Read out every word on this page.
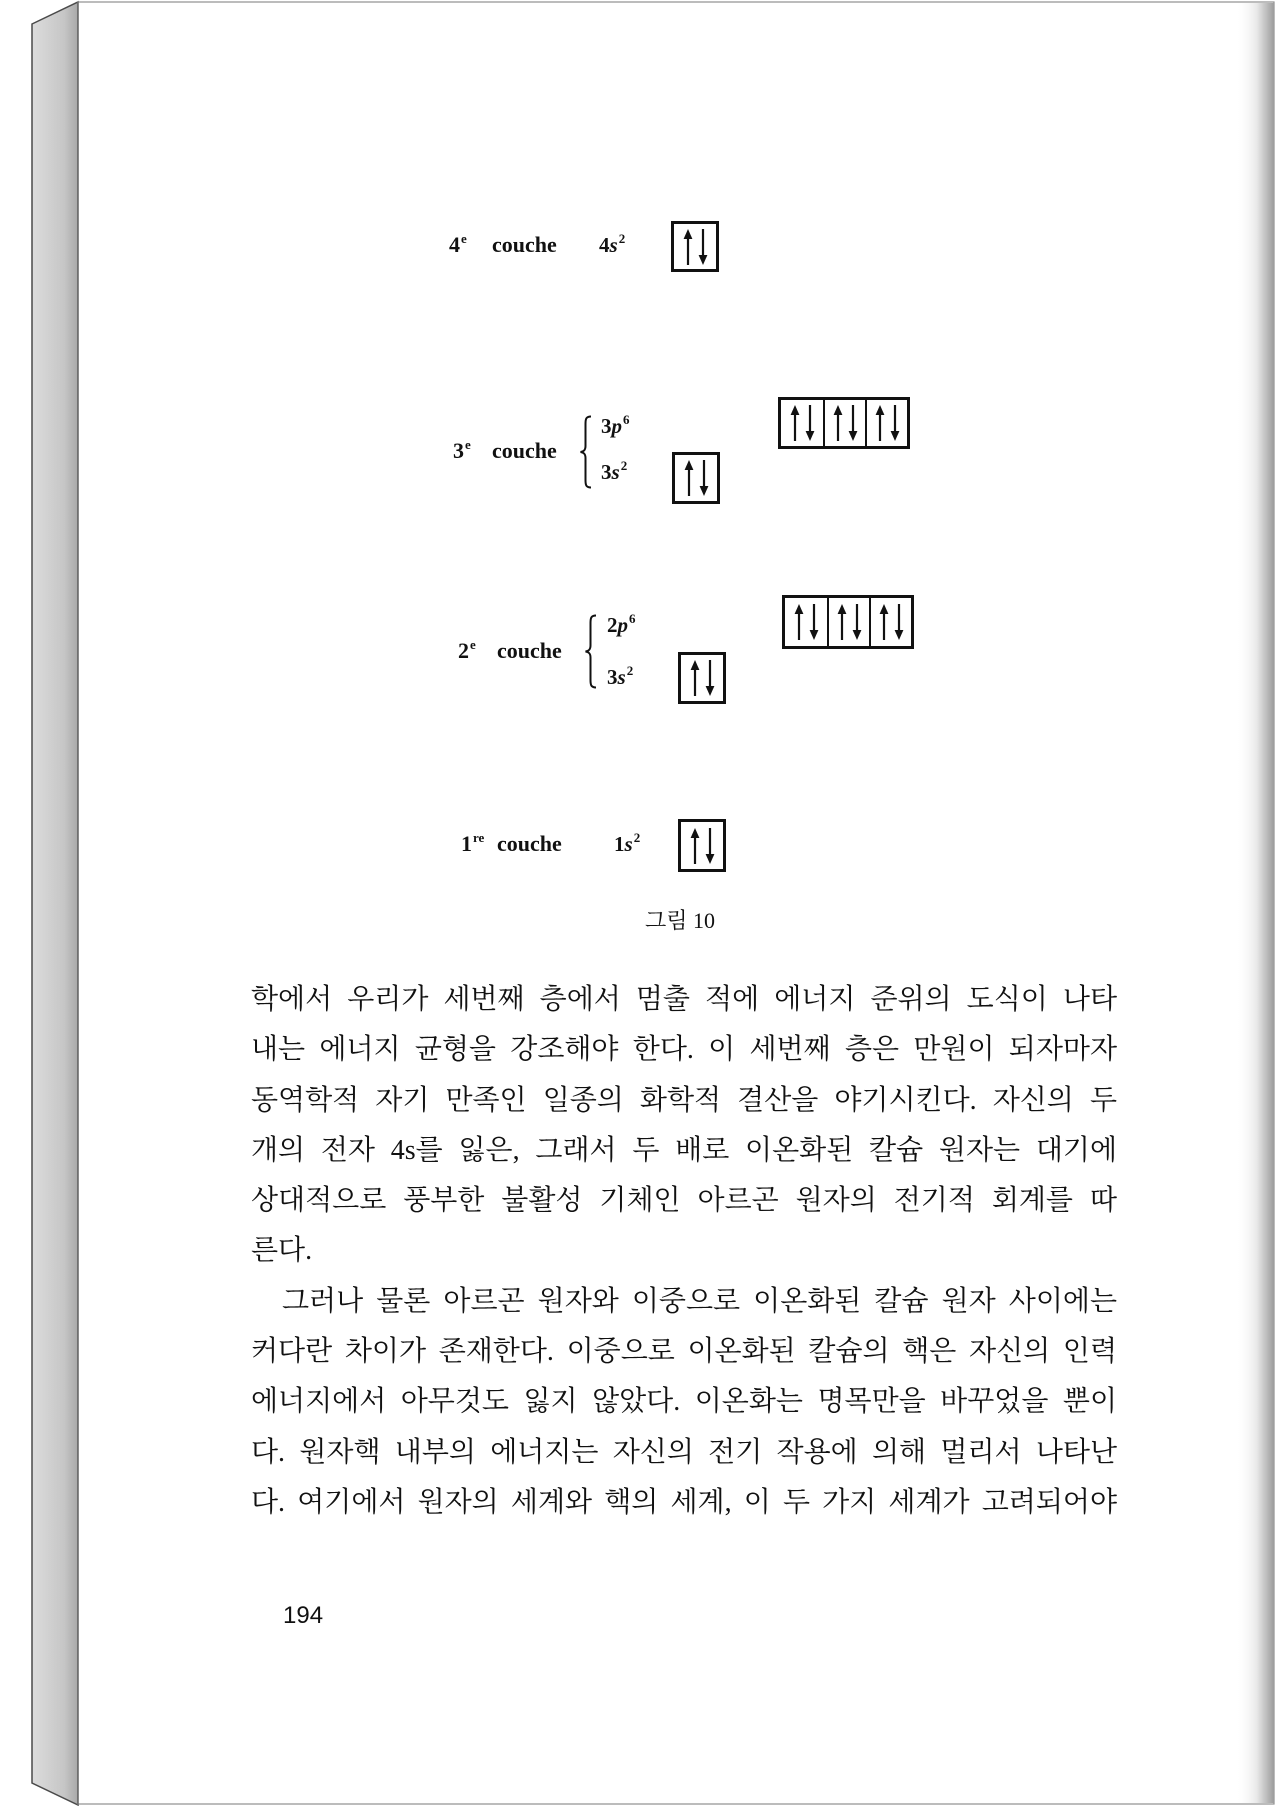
4e couche $4s^2$
3e couche
$3p^6$
$3s^2$
2e couche
$2p^6$
$3s^2$
1re couche $1s^2$
그림 10
학에서 우리가 세번째 층에서 멈출 적에 에너지 준위의 도식이 나타
내는 에너지 균형을 강조해야 한다. 이 세번째 층은 만원이 되자마자
동역학적 자기 만족인 일종의 화학적 결산을 야기시킨다. 자신의 두
개의 전자 4s를 잃은, 그래서 두 배로 이온화된 칼슘 원자는 대기에
상대적으로 풍부한 불활성 기체인 아르곤 원자의 전기적 회계를 따
른다.
그러나 물론 아르곤 원자와 이중으로 이온화된 칼슘 원자 사이에는
커다란 차이가 존재한다. 이중으로 이온화된 칼슘의 핵은 자신의 인력
에너지에서 아무것도 잃지 않았다. 이온화는 명목만을 바꾸었을 뿐이
다. 원자핵 내부의 에너지는 자신의 전기 작용에 의해 멀리서 나타난
다. 여기에서 원자의 세계와 핵의 세계, 이 두 가지 세계가 고려되어야
194
